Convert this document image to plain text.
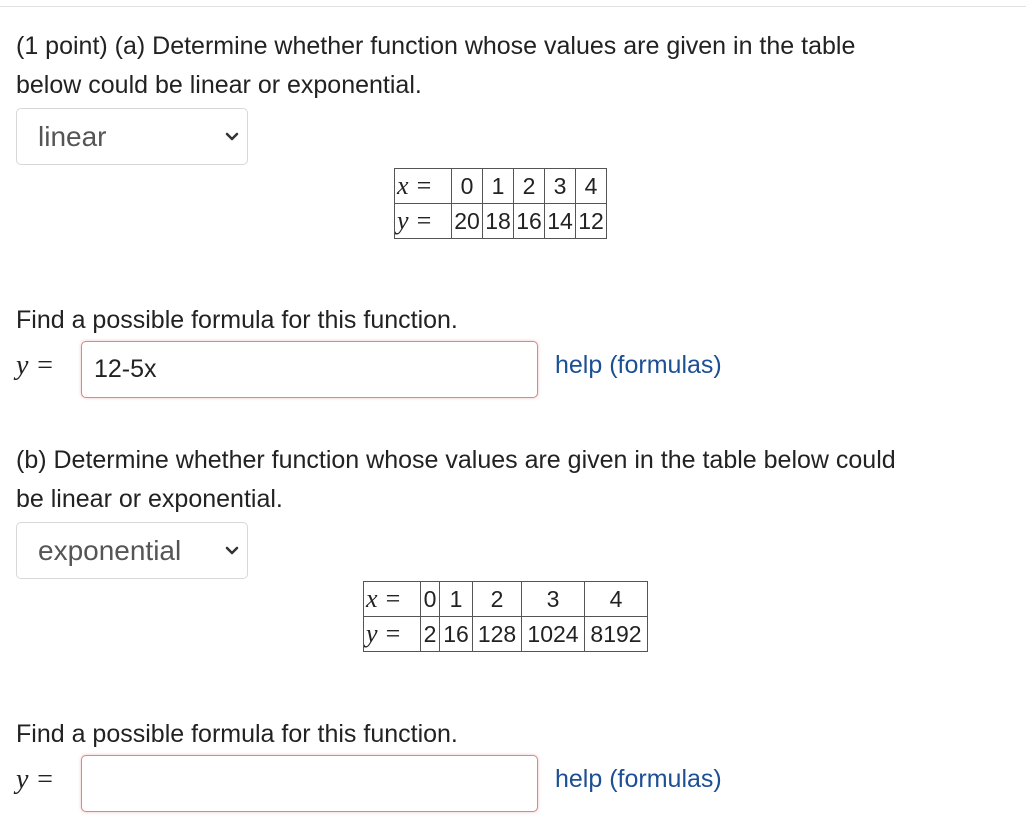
(1 point) (a) Determine whether function whose values are given in the table

below could be linear or exponential.

linear
x =	0	1	2	3	4
y =	20	18	16	14	12

Find a possible formula for this function.

y =
12-5x	help (formulas)

(b) Determine whether function whose values are given in the table below could

be linear or exponential.

exponential
x =	0	1	2	3	4
y =	2	16	128	1024	8192

Find a possible formula for this function.

y =	help (formulas)
